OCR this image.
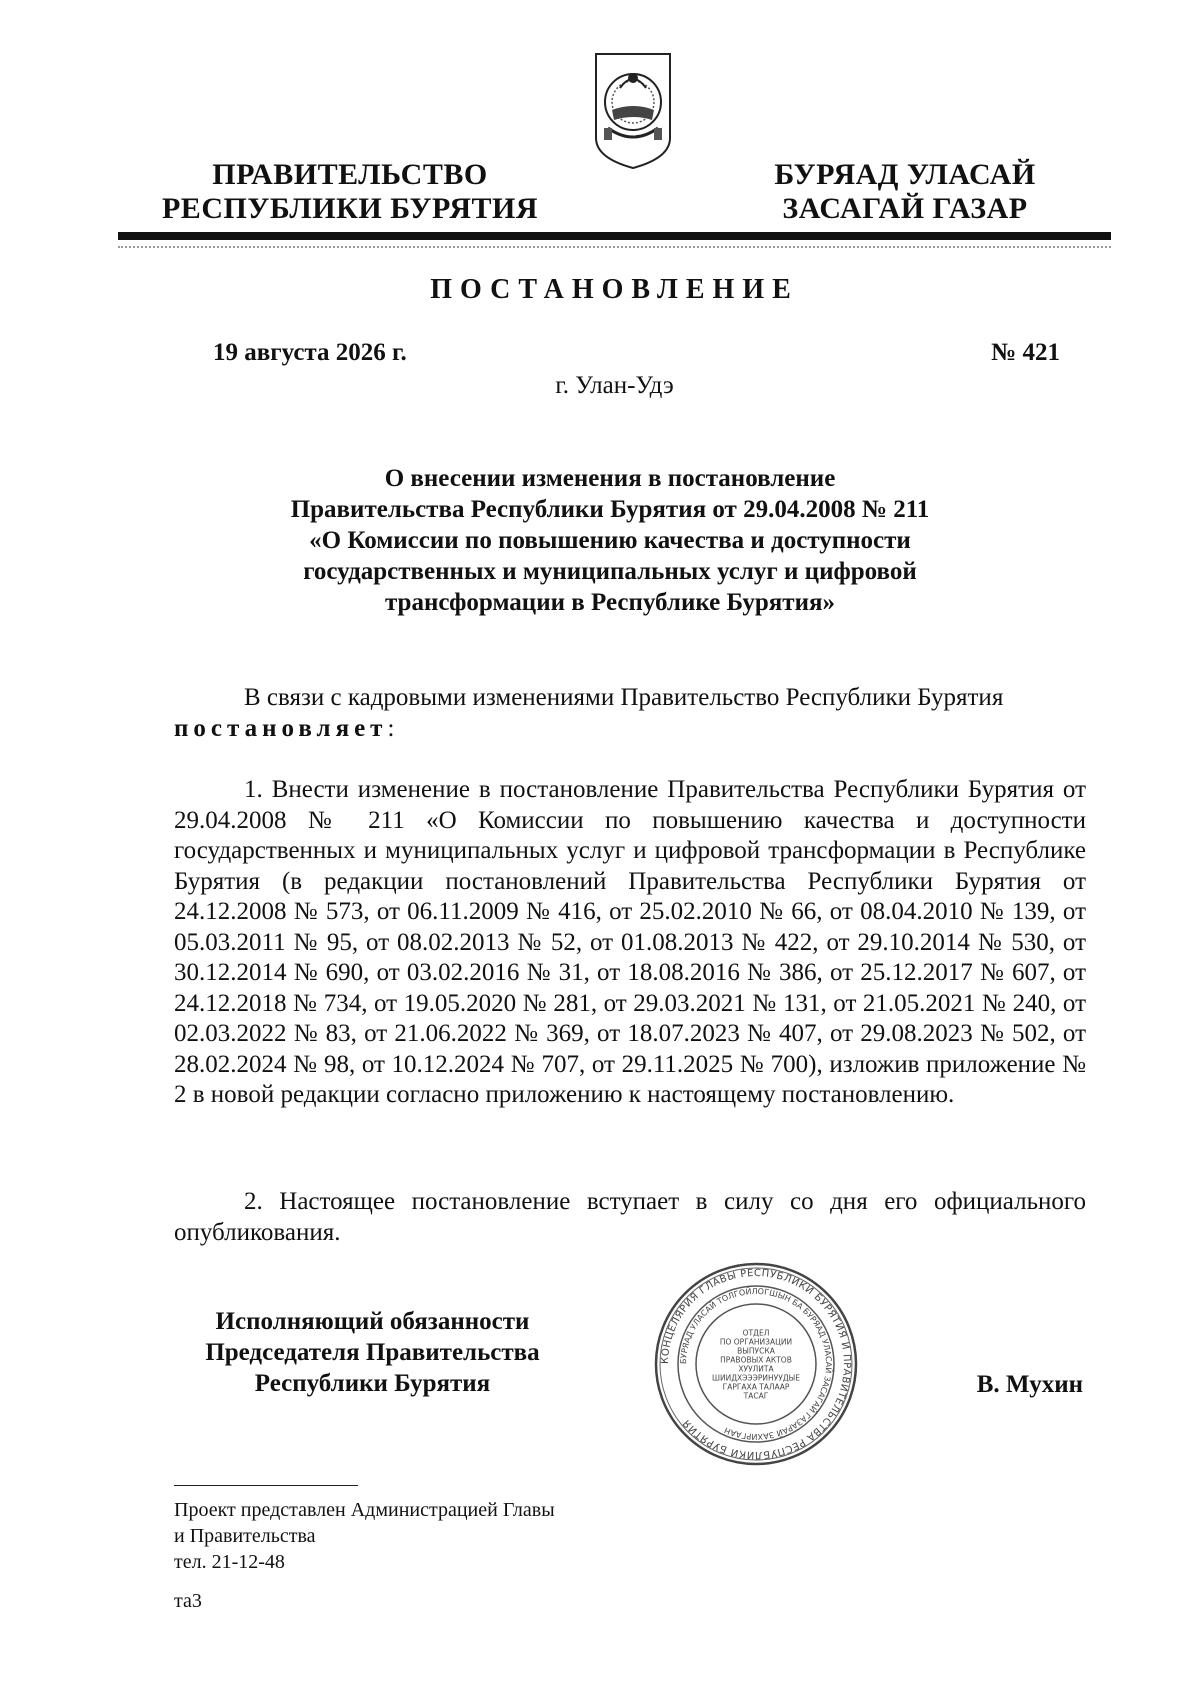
ПРАВИТЕЛЬСТВО
РЕСПУБЛИКИ БУРЯТИЯ
БУРЯАД УЛАСАЙ
ЗАСАГАЙ ГАЗАР
ПОСТАНОВЛЕНИЕ
19 августа 2026 г.	№ 421
г. Улан-Удэ
О внесении изменения в постановление
Правительства Республики Бурятия от 29.04.2008 № 211
«О Комиссии по повышению качества и доступности
государственных и муниципальных услуг и цифровой
трансформации в Республике Бурятия»
В связи с кадровыми изменениями Правительство Республики Бурятия
постановляет:
1. Внести изменение в постановление Правительства Республики Бурятия от 29.04.2008 № 211 «О Комиссии по повышению качества и доступности государственных и муниципальных услуг и цифровой трансформации в Республике Бурятия (в редакции постановлений Правительства Республики Бурятия от 24.12.2008 № 573, от 06.11.2009 № 416, от 25.02.2010 № 66, от 08.04.2010 № 139, от 05.03.2011 № 95, от 08.02.2013 № 52, от 01.08.2013 № 422, от 29.10.2014 № 530, от 30.12.2014 № 690, от 03.02.2016 № 31, от 18.08.2016 № 386, от 25.12.2017 № 607, от 24.12.2018 № 734, от 19.05.2020 № 281, от 29.03.2021 № 131, от 21.05.2021 № 240, от 02.03.2022 № 83, от 21.06.2022 № 369, от 18.07.2023 № 407, от 29.08.2023 № 502, от 28.02.2024 № 98, от 10.12.2024 № 707, от 29.11.2025 № 700), изложив приложение № 2 в новой редакции согласно приложению к настоящему постановлению.
2. Настоящее постановление вступает в силу со дня его официального опубликования.
Исполняющий обязанности
Председателя Правительства
Республики Бурятия
КОНЦЕЛЯРИЯ ГЛАВЫ РЕСПУБЛИКИ БУРЯТИЯ И ПРАВИТЕЛЬСТВА РЕСПУБЛИКИ БУРЯТИЯ
БУРЯАД УЛАСАЙ ТОЛГОЙЛОГШЫН БА БУРЯАД УЛАСАЙ ЗАСАГАЙ ГАЗАРАЙ ЗАХИРГААН
ОТДЕЛ
ПО ОРГАНИЗАЦИИ
ВЫПУСКА
ПРАВОВЫХ АКТОВ
ХУУЛИТА
ШИИДХЭЭЭРИНУУДЫЕ
ГАРГАХА ТАЛААР
ТАСАГ	В. Мухин
Проект представлен Администрацией Главы
и Правительства
тел. 21-12-48
та3
